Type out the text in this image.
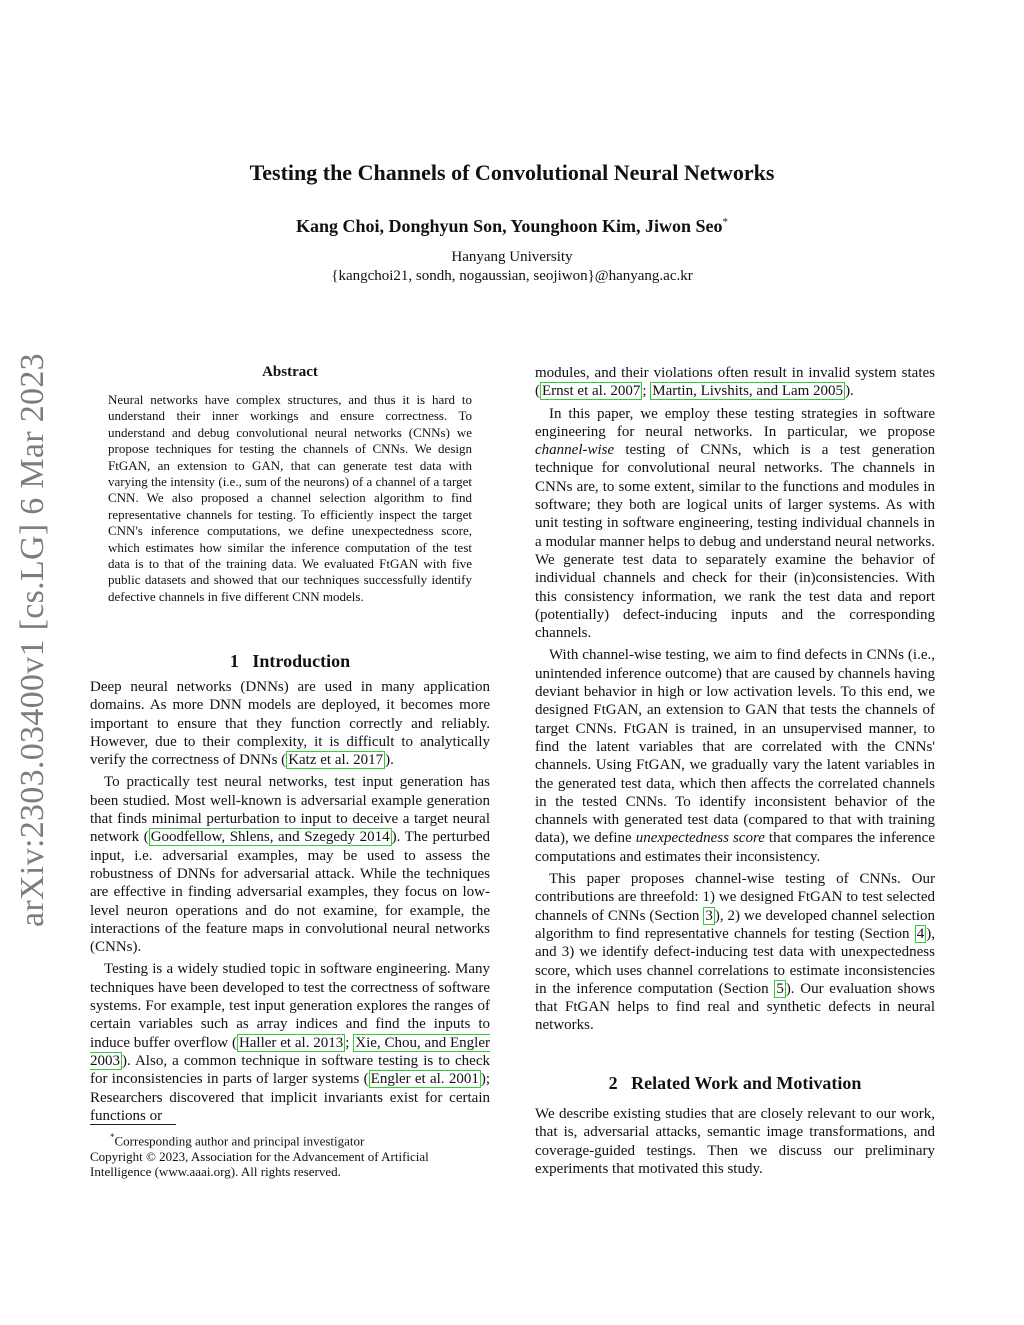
arXiv:2303.03400v1 [cs.LG] 6 Mar 2023
Testing the Channels of Convolutional Neural Networks
Kang Choi, Donghyun Son, Younghoon Kim, Jiwon Seo*
Hanyang University
{kangchoi21, sondh, nogaussian, seojiwon}@hanyang.ac.kr
Abstract
Neural networks have complex structures, and thus it is hard to understand their inner workings and ensure correctness. To understand and debug convolutional neural networks (CNNs) we propose techniques for testing the channels of CNNs. We design FtGAN, an extension to GAN, that can generate test data with varying the intensity (i.e., sum of the neurons) of a channel of a target CNN. We also proposed a channel selection algorithm to find representative channels for testing. To efficiently inspect the target CNN's inference computations, we define unexpectedness score, which estimates how similar the inference computation of the test data is to that of the training data. We evaluated FtGAN with five public datasets and showed that our techniques successfully identify defective channels in five different CNN models.
1 Introduction

Deep neural networks (DNNs) are used in many application domains. As more DNN models are deployed, it becomes more important to ensure that they function correctly and reliably. However, due to their complexity, it is difficult to analytically verify the correctness of DNNs ( Katz et al. 2017 ).

To practically test neural networks, test input generation has been studied. Most well-known is adversarial example generation that finds minimal perturbation to input to deceive a target neural network ( Goodfellow, Shlens, and Szegedy 2014 ). The perturbed input, i.e. adversarial examples, may be used to assess the robustness of DNNs for adversarial attack. While the techniques are effective in finding adversarial examples, they focus on low-level neuron operations and do not examine, for example, the interactions of the feature maps in convolutional neural networks (CNNs).

Testing is a widely studied topic in software engineering. Many techniques have been developed to test the correctness of software systems. For example, test input generation explores the ranges of certain variables such as array indices and find the inputs to induce buffer overflow ( Haller et al. 2013 ; Xie, Chou, and Engler 2003 ). Also, a common technique in software testing is to check for inconsistencies in parts of larger systems ( Engler et al. 2001 ); Researchers discovered that implicit invariants exist for certain functions or

*Corresponding author and principal investigator
Copyright © 2023, Association for the Advancement of Artificial Intelligence (www.aaai.org). All rights reserved.

modules, and their violations often result in invalid system states ( Ernst et al. 2007 ; Martin, Livshits, and Lam 2005 ).

In this paper, we employ these testing strategies in software engineering for neural networks. In particular, we propose channel-wise testing of CNNs, which is a test generation technique for convolutional neural networks. The channels in CNNs are, to some extent, similar to the functions and modules in software; they both are logical units of larger systems. As with unit testing in software engineering, testing individual channels in a modular manner helps to debug and understand neural networks. We generate test data to separately examine the behavior of individual channels and check for their (in)consistencies. With this consistency information, we rank the test data and report (potentially) defect-inducing inputs and the corresponding channels.

With channel-wise testing, we aim to find defects in CNNs (i.e., unintended inference outcome) that are caused by channels having deviant behavior in high or low activation levels. To this end, we designed FtGAN, an extension to GAN that tests the channels of target CNNs. FtGAN is trained, in an unsupervised manner, to find the latent variables that are correlated with the CNNs' channels. Using FtGAN, we gradually vary the latent variables in the generated test data, which then affects the correlated channels in the tested CNNs. To identify inconsistent behavior of the channels with generated test data (compared to that with training data), we define unexpectedness score that compares the inference computations and estimates their inconsistency.

This paper proposes channel-wise testing of CNNs. Our contributions are threefold: 1) we designed FtGAN to test selected channels of CNNs (Section 3 ), 2) we developed channel selection algorithm to find representative channels for testing (Section 4 ), and 3) we identify defect-inducing test data with unexpectedness score, which uses channel correlations to estimate inconsistencies in the inference computation (Section 5 ). Our evaluation shows that FtGAN helps to find real and synthetic defects in neural networks.

2 Related Work and Motivation

We describe existing studies that are closely relevant to our work, that is, adversarial attacks, semantic image transformations, and coverage-guided testings. Then we discuss our preliminary experiments that motivated this study.
